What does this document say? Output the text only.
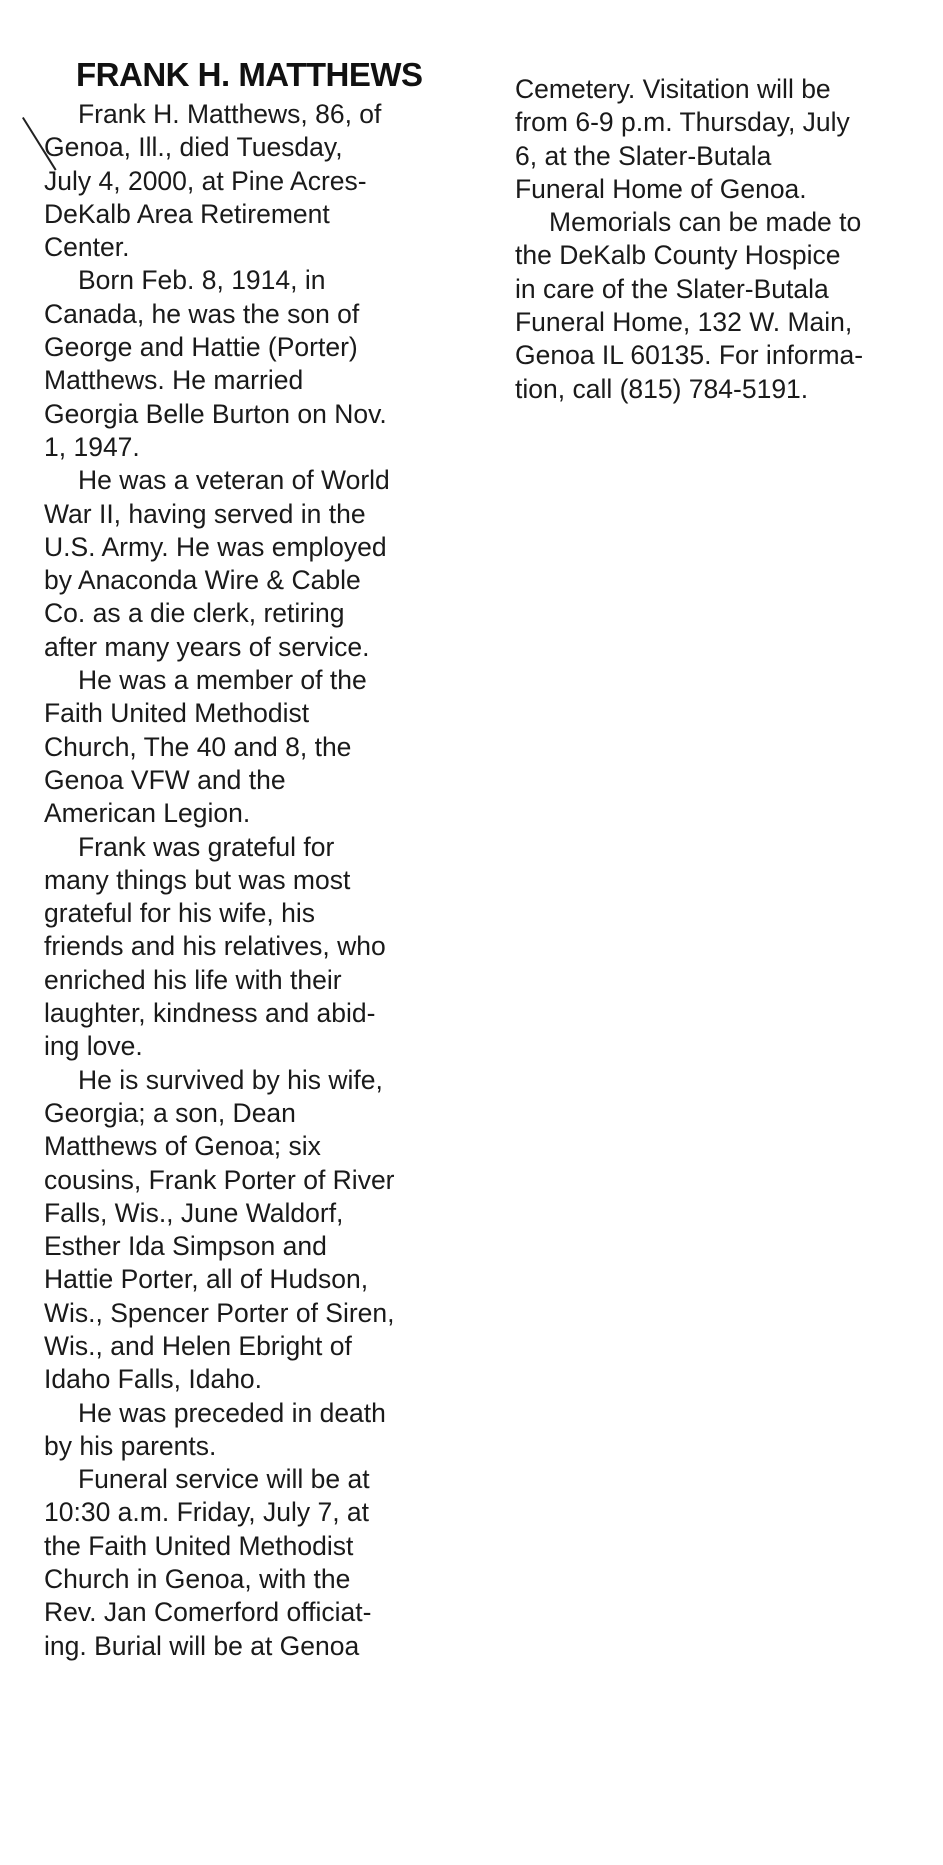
FRANK H. MATTHEWS
Frank H. Matthews, 86, of
Genoa, Ill., died Tuesday,
July 4, 2000, at Pine Acres-
DeKalb Area Retirement
Center.
Born Feb. 8, 1914, in
Canada, he was the son of
George and Hattie (Porter)
Matthews. He married
Georgia Belle Burton on Nov.
1, 1947.
He was a veteran of World
War II, having served in the
U.S. Army. He was employed
by Anaconda Wire & Cable
Co. as a die clerk, retiring
after many years of service.
He was a member of the
Faith United Methodist
Church, The 40 and 8, the
Genoa VFW and the
American Legion.
Frank was grateful for
many things but was most
grateful for his wife, his
friends and his relatives, who
enriched his life with their
laughter, kindness and abid-
ing love.
He is survived by his wife,
Georgia; a son, Dean
Matthews of Genoa; six
cousins, Frank Porter of River
Falls, Wis., June Waldorf,
Esther Ida Simpson and
Hattie Porter, all of Hudson,
Wis., Spencer Porter of Siren,
Wis., and Helen Ebright of
Idaho Falls, Idaho.
He was preceded in death
by his parents.
Funeral service will be at
10:30 a.m. Friday, July 7, at
the Faith United Methodist
Church in Genoa, with the
Rev. Jan Comerford officiat-
ing. Burial will be at Genoa
Cemetery. Visitation will be
from 6-9 p.m. Thursday, July
6, at the Slater-Butala
Funeral Home of Genoa.
Memorials can be made to
the DeKalb County Hospice
in care of the Slater-Butala
Funeral Home, 132 W. Main,
Genoa IL 60135. For informa-
tion, call (815) 784-5191.
